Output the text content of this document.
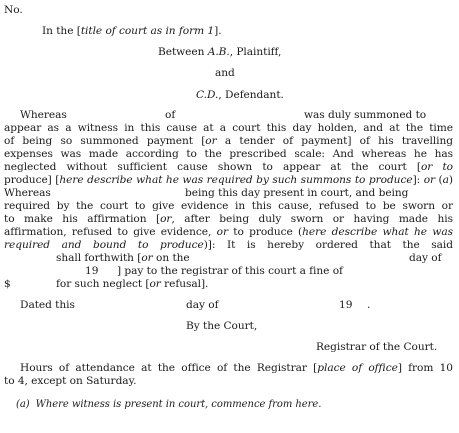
No.
In the [title of court as in form 1].
Between A.B., Plaintiff,
and
C.D., Defendant.
Whereas	of	was duly summoned to
appear as a witness in this cause at a court this day holden, and at the time
of being so summoned payment [or a tender of payment] of his travelling
expenses was made according to the prescribed scale: And whereas he has
neglected without sufficient cause shown to appear at the court [or to
produce] [here describe what he was required by such summons to produce]: or (a)
Whereas	being this day present in court, and being
required by the court to give evidence in this cause, refused to be sworn or
to make his affirmation [or, after being duly sworn or having made his
affirmation, refused to give evidence, or to produce (here describe what he was
required and bound to produce)]: It is hereby ordered that the said
shall forthwith [or on the	day of
19 ] pay to the registrar of this court a fine of
$	for such neglect [or refusal].
Dated this	day of	19 .
By the Court,
Registrar of the Court.
Hours of attendance at the office of the Registrar [place of office] from 10
to 4, except on Saturday.
(a) Where witness is present in court, commence from here.
